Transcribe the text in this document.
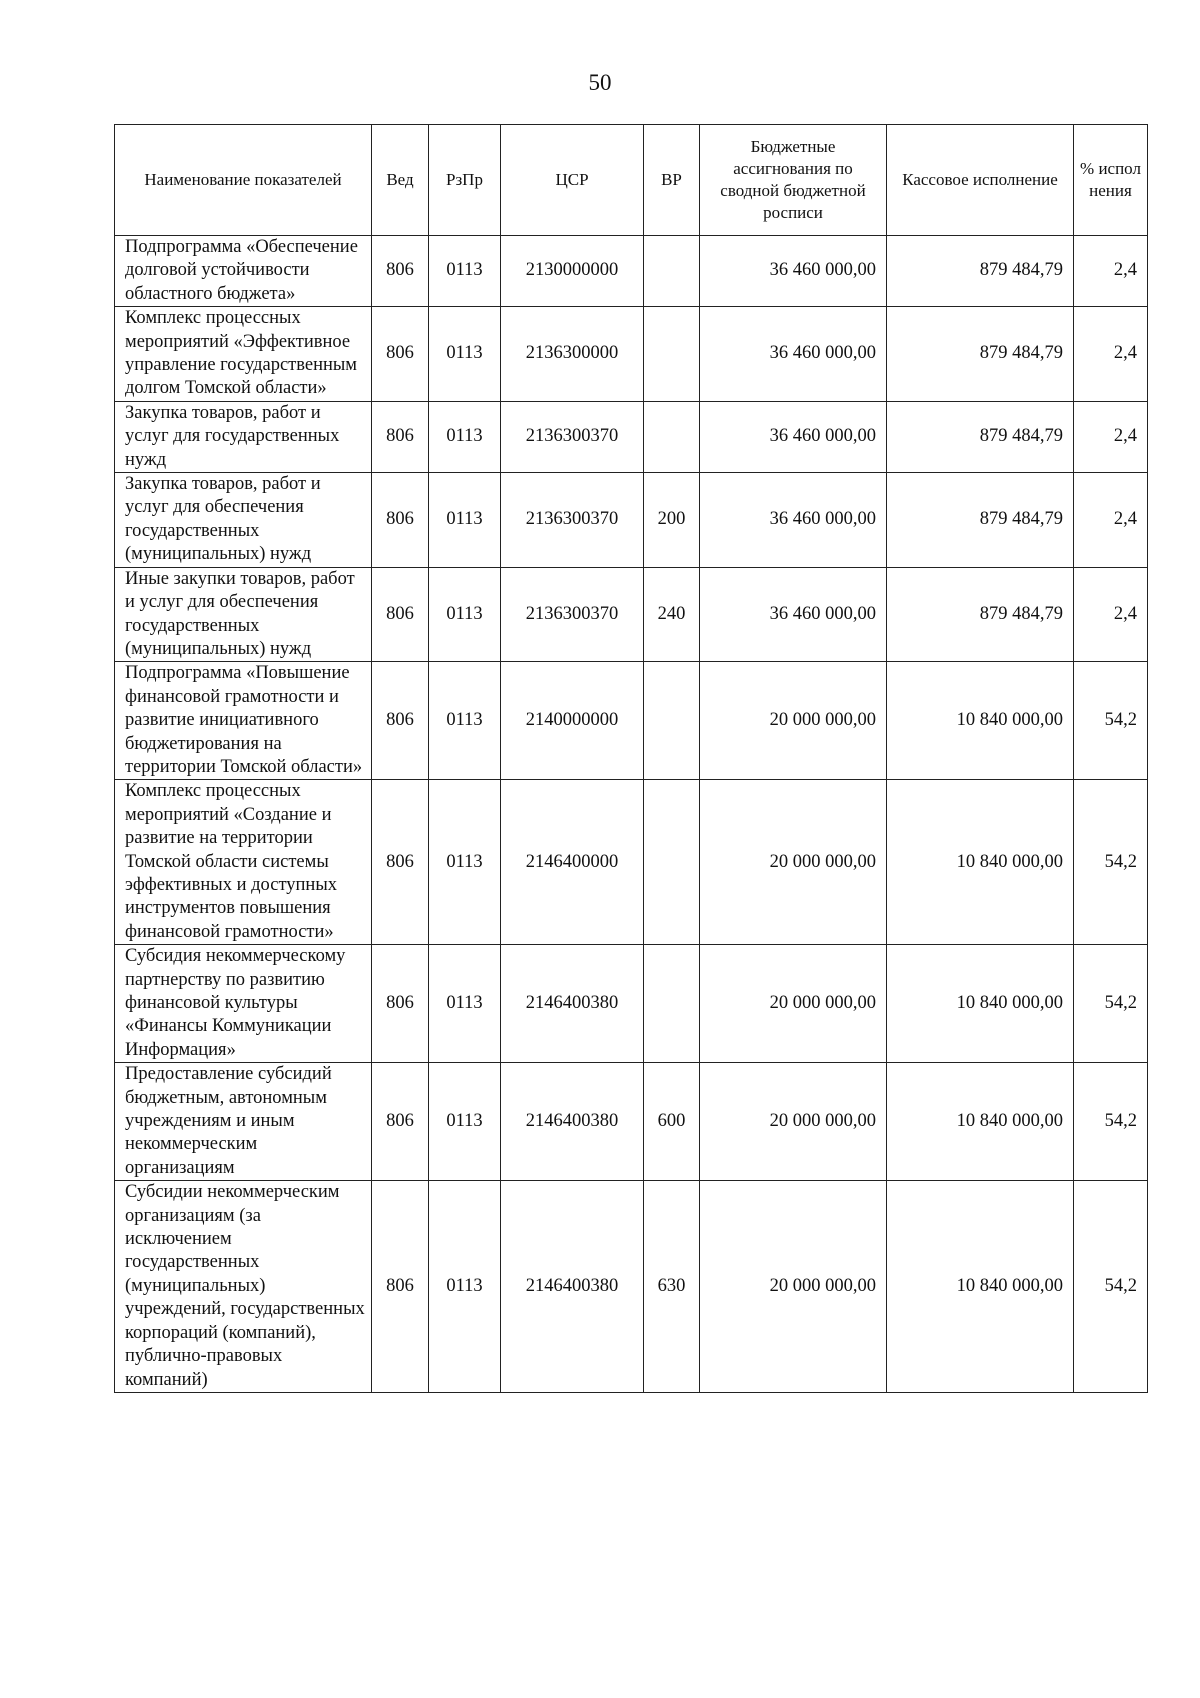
50
Наименование показателей	Вед	РзПр	ЦСР	ВР	Бюджетные ассигнования по сводной бюджетной росписи	Кассовое исполнение	% испол нения
Подпрограмма «Обеспечение долговой устойчивости областного бюджета»	806	0113	2130000000		36 460 000,00	879 484,79	2,4
Комплекс процессных мероприятий «Эффективное управление государственным долгом Томской области»	806	0113	2136300000		36 460 000,00	879 484,79	2,4
Закупка товаров, работ и услуг для государственных нужд	806	0113	2136300370		36 460 000,00	879 484,79	2,4
Закупка товаров, работ и услуг для обеспечения государственных (муниципальных) нужд	806	0113	2136300370	200	36 460 000,00	879 484,79	2,4
Иные закупки товаров, работ и услуг для обеспечения государственных (муниципальных) нужд	806	0113	2136300370	240	36 460 000,00	879 484,79	2,4
Подпрограмма «Повышение финансовой грамотности и развитие инициативного бюджетирования на территории Томской области»	806	0113	2140000000		20 000 000,00	10 840 000,00	54,2
Комплекс процессных мероприятий «Создание и развитие на территории Томской области системы эффективных и доступных инструментов повышения финансовой грамотности»	806	0113	2146400000		20 000 000,00	10 840 000,00	54,2
Субсидия некоммерческому партнерству по развитию финансовой культуры «Финансы Коммуникации Информация»	806	0113	2146400380		20 000 000,00	10 840 000,00	54,2
Предоставление субсидий бюджетным, автономным учреждениям и иным некоммерческим организациям	806	0113	2146400380	600	20 000 000,00	10 840 000,00	54,2
Субсидии некоммерческим организациям (за исключением государственных (муниципальных) учреждений, государственных корпораций (компаний), публично-правовых компаний)	806	0113	2146400380	630	20 000 000,00	10 840 000,00	54,2
